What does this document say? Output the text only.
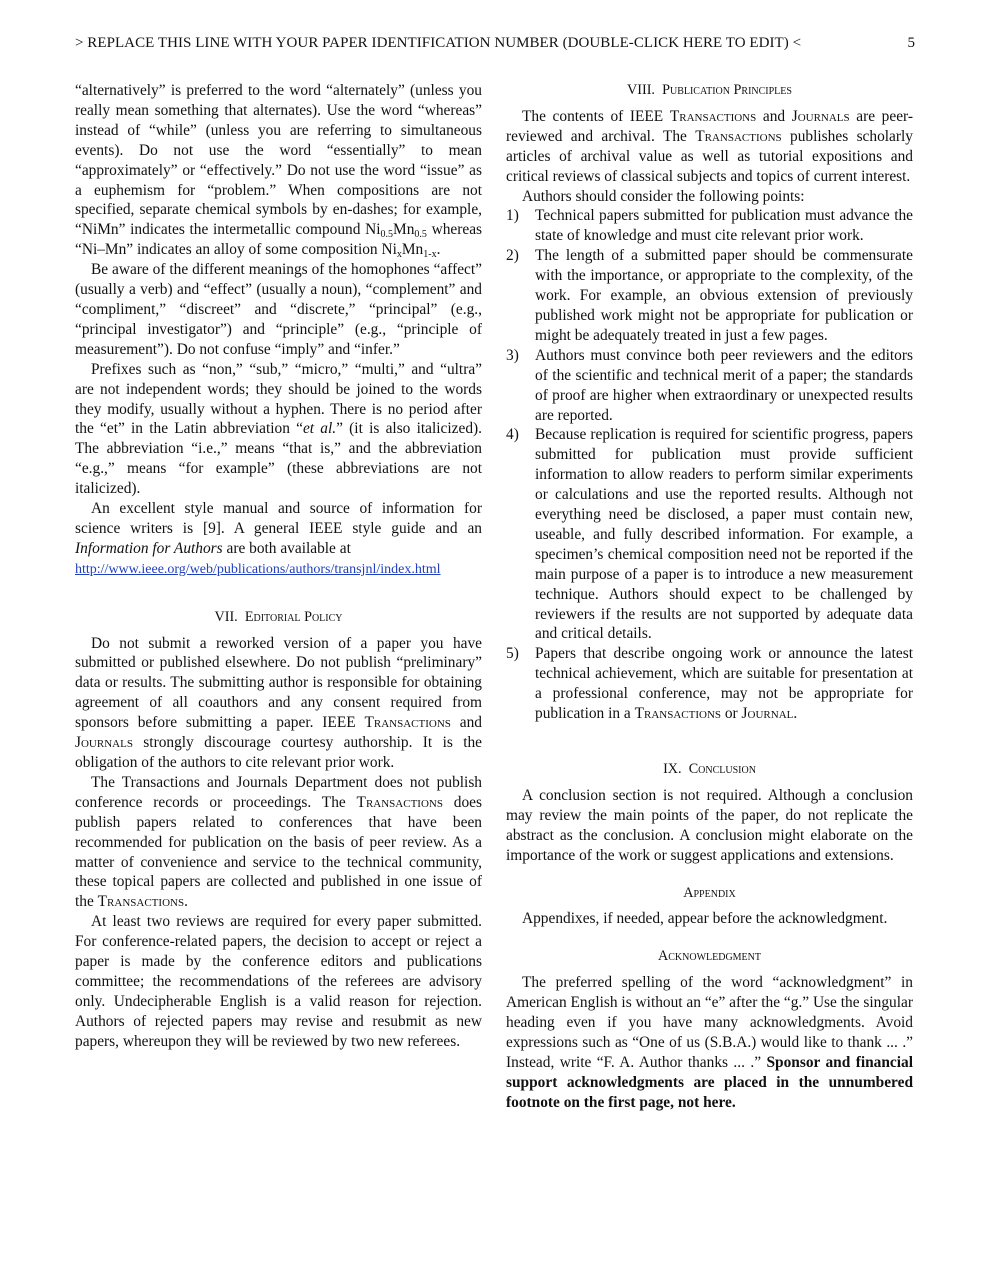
> REPLACE THIS LINE WITH YOUR PAPER IDENTIFICATION NUMBER (DOUBLE-CLICK HERE TO EDIT) <	5

“alternatively” is preferred to the word “alternately” (unless you really mean something that alternates). Use the word “whereas” instead of “while” (unless you are referring to simultaneous events). Do not use the word “essentially” to mean “approximately” or “effectively.” Do not use the word “issue” as a euphemism for “problem.” When compositions are not specified, separate chemical symbols by en-dashes; for example, “NiMn” indicates the intermetallic compound $Ni_{0.5}Mn_{0.5}$ whereas “Ni–Mn” indicates an alloy of some composition $Ni_xMn_{1-x}$.

Be aware of the different meanings of the homophones “affect” (usually a verb) and “effect” (usually a noun), “complement” and “compliment,” “discreet” and “discrete,” “principal” (e.g., “principal investigator”) and “principle” (e.g., “principle of measurement”). Do not confuse “imply” and “infer.”

Prefixes such as “non,” “sub,” “micro,” “multi,” and “ultra” are not independent words; they should be joined to the words they modify, usually without a hyphen. There is no period after the “et” in the Latin abbreviation “et al.” (it is also italicized). The abbreviation “i.e.,” means “that is,” and the abbreviation “e.g.,” means “for example” (these abbreviations are not italicized).

An excellent style manual and source of information for science writers is [9]. A general IEEE style guide and an Information for Authors are both available at
http://www.ieee.org/web/publications/authors/transjnl/index.html

VII. Editorial Policy

Do not submit a reworked version of a paper you have submitted or published elsewhere. Do not publish “preliminary” data or results. The submitting author is responsible for obtaining agreement of all coauthors and any consent required from sponsors before submitting a paper. IEEE Transactions and Journals strongly discourage courtesy authorship. It is the obligation of the authors to cite relevant prior work.

The Transactions and Journals Department does not publish conference records or proceedings. The Transactions does publish papers related to conferences that have been recommended for publication on the basis of peer review. As a matter of convenience and service to the technical community, these topical papers are collected and published in one issue of the Transactions.

At least two reviews are required for every paper submitted. For conference-related papers, the decision to accept or reject a paper is made by the conference editors and publications committee; the recommendations of the referees are advisory only. Undecipherable English is a valid reason for rejection. Authors of rejected papers may revise and resubmit as new papers, whereupon they will be reviewed by two new referees.

VIII. Publication Principles

The contents of IEEE Transactions and Journals are peer-reviewed and archival. The Transactions publishes scholarly articles of archival value as well as tutorial expositions and critical reviews of classical subjects and topics of current interest.

Authors should consider the following points:

1) Technical papers submitted for publication must advance the state of knowledge and must cite relevant prior work.
2) The length of a submitted paper should be commensurate with the importance, or appropriate to the complexity, of the work. For example, an obvious extension of previously published work might not be appropriate for publication or might be adequately treated in just a few pages.
3) Authors must convince both peer reviewers and the editors of the scientific and technical merit of a paper; the standards of proof are higher when extraordinary or unexpected results are reported.
4) Because replication is required for scientific progress, papers submitted for publication must provide sufficient information to allow readers to perform similar experiments or calculations and use the reported results. Although not everything need be disclosed, a paper must contain new, useable, and fully described information. For example, a specimen’s chemical composition need not be reported if the main purpose of a paper is to introduce a new measurement technique. Authors should expect to be challenged by reviewers if the results are not supported by adequate data and critical details.
5) Papers that describe ongoing work or announce the latest technical achievement, which are suitable for presentation at a professional conference, may not be appropriate for publication in a Transactions or Journal.

IX. Conclusion

A conclusion section is not required. Although a conclusion may review the main points of the paper, do not replicate the abstract as the conclusion. A conclusion might elaborate on the importance of the work or suggest applications and extensions.

Appendix

Appendixes, if needed, appear before the acknowledgment.

Acknowledgment

The preferred spelling of the word “acknowledgment” in American English is without an “e” after the “g.” Use the singular heading even if you have many acknowledgments. Avoid expressions such as “One of us (S.B.A.) would like to thank ... .” Instead, write “F. A. Author thanks ... .” Sponsor and financial support acknowledgments are placed in the unnumbered footnote on the first page, not here.
